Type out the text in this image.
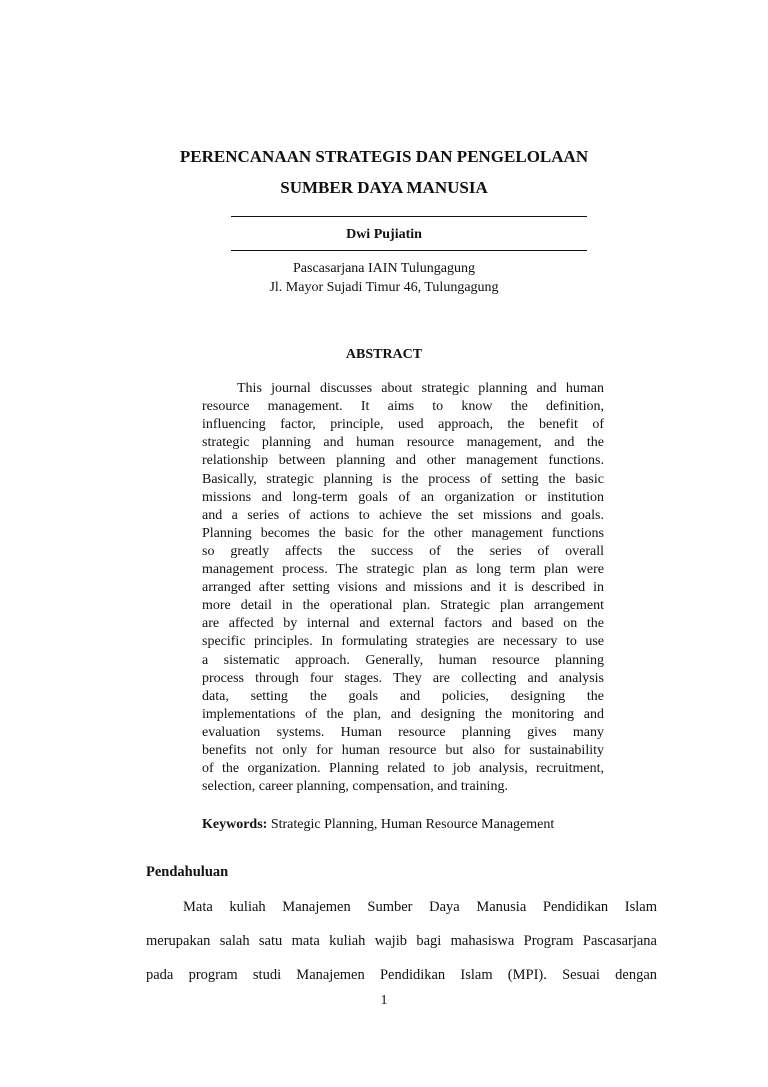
PERENCANAAN STRATEGIS DAN PENGELOLAAN
SUMBER DAYA MANUSIA
Dwi Pujiatin
Pascasarjana IAIN Tulungagung
Jl. Mayor Sujadi Timur 46, Tulungagung
ABSTRACT
This journal discusses about strategic planning and human
resource management. It aims to know the definition,
influencing factor, principle, used approach, the benefit of
strategic planning and human resource management, and the
relationship between planning and other management functions.
Basically, strategic planning is the process of setting the basic
missions and long-term goals of an organization or institution
and a series of actions to achieve the set missions and goals.
Planning becomes the basic for the other management functions
so greatly affects the success of the series of overall
management process. The strategic plan as long term plan were
arranged after setting visions and missions and it is described in
more detail in the operational plan. Strategic plan arrangement
are affected by internal and external factors and based on the
specific principles. In formulating strategies are necessary to use
a sistematic approach. Generally, human resource planning
process through four stages. They are collecting and analysis
data, setting the goals and policies, designing the
implementations of the plan, and designing the monitoring and
evaluation systems. Human resource planning gives many
benefits not only for human resource but also for sustainability
of the organization. Planning related to job analysis, recruitment,
selection, career planning, compensation, and training.
Keywords: Strategic Planning, Human Resource Management
Pendahuluan
Mata kuliah Manajemen Sumber Daya Manusia Pendidikan Islam
merupakan salah satu mata kuliah wajib bagi mahasiswa Program Pascasarjana
pada program studi Manajemen Pendidikan Islam (MPI). Sesuai dengan
1
